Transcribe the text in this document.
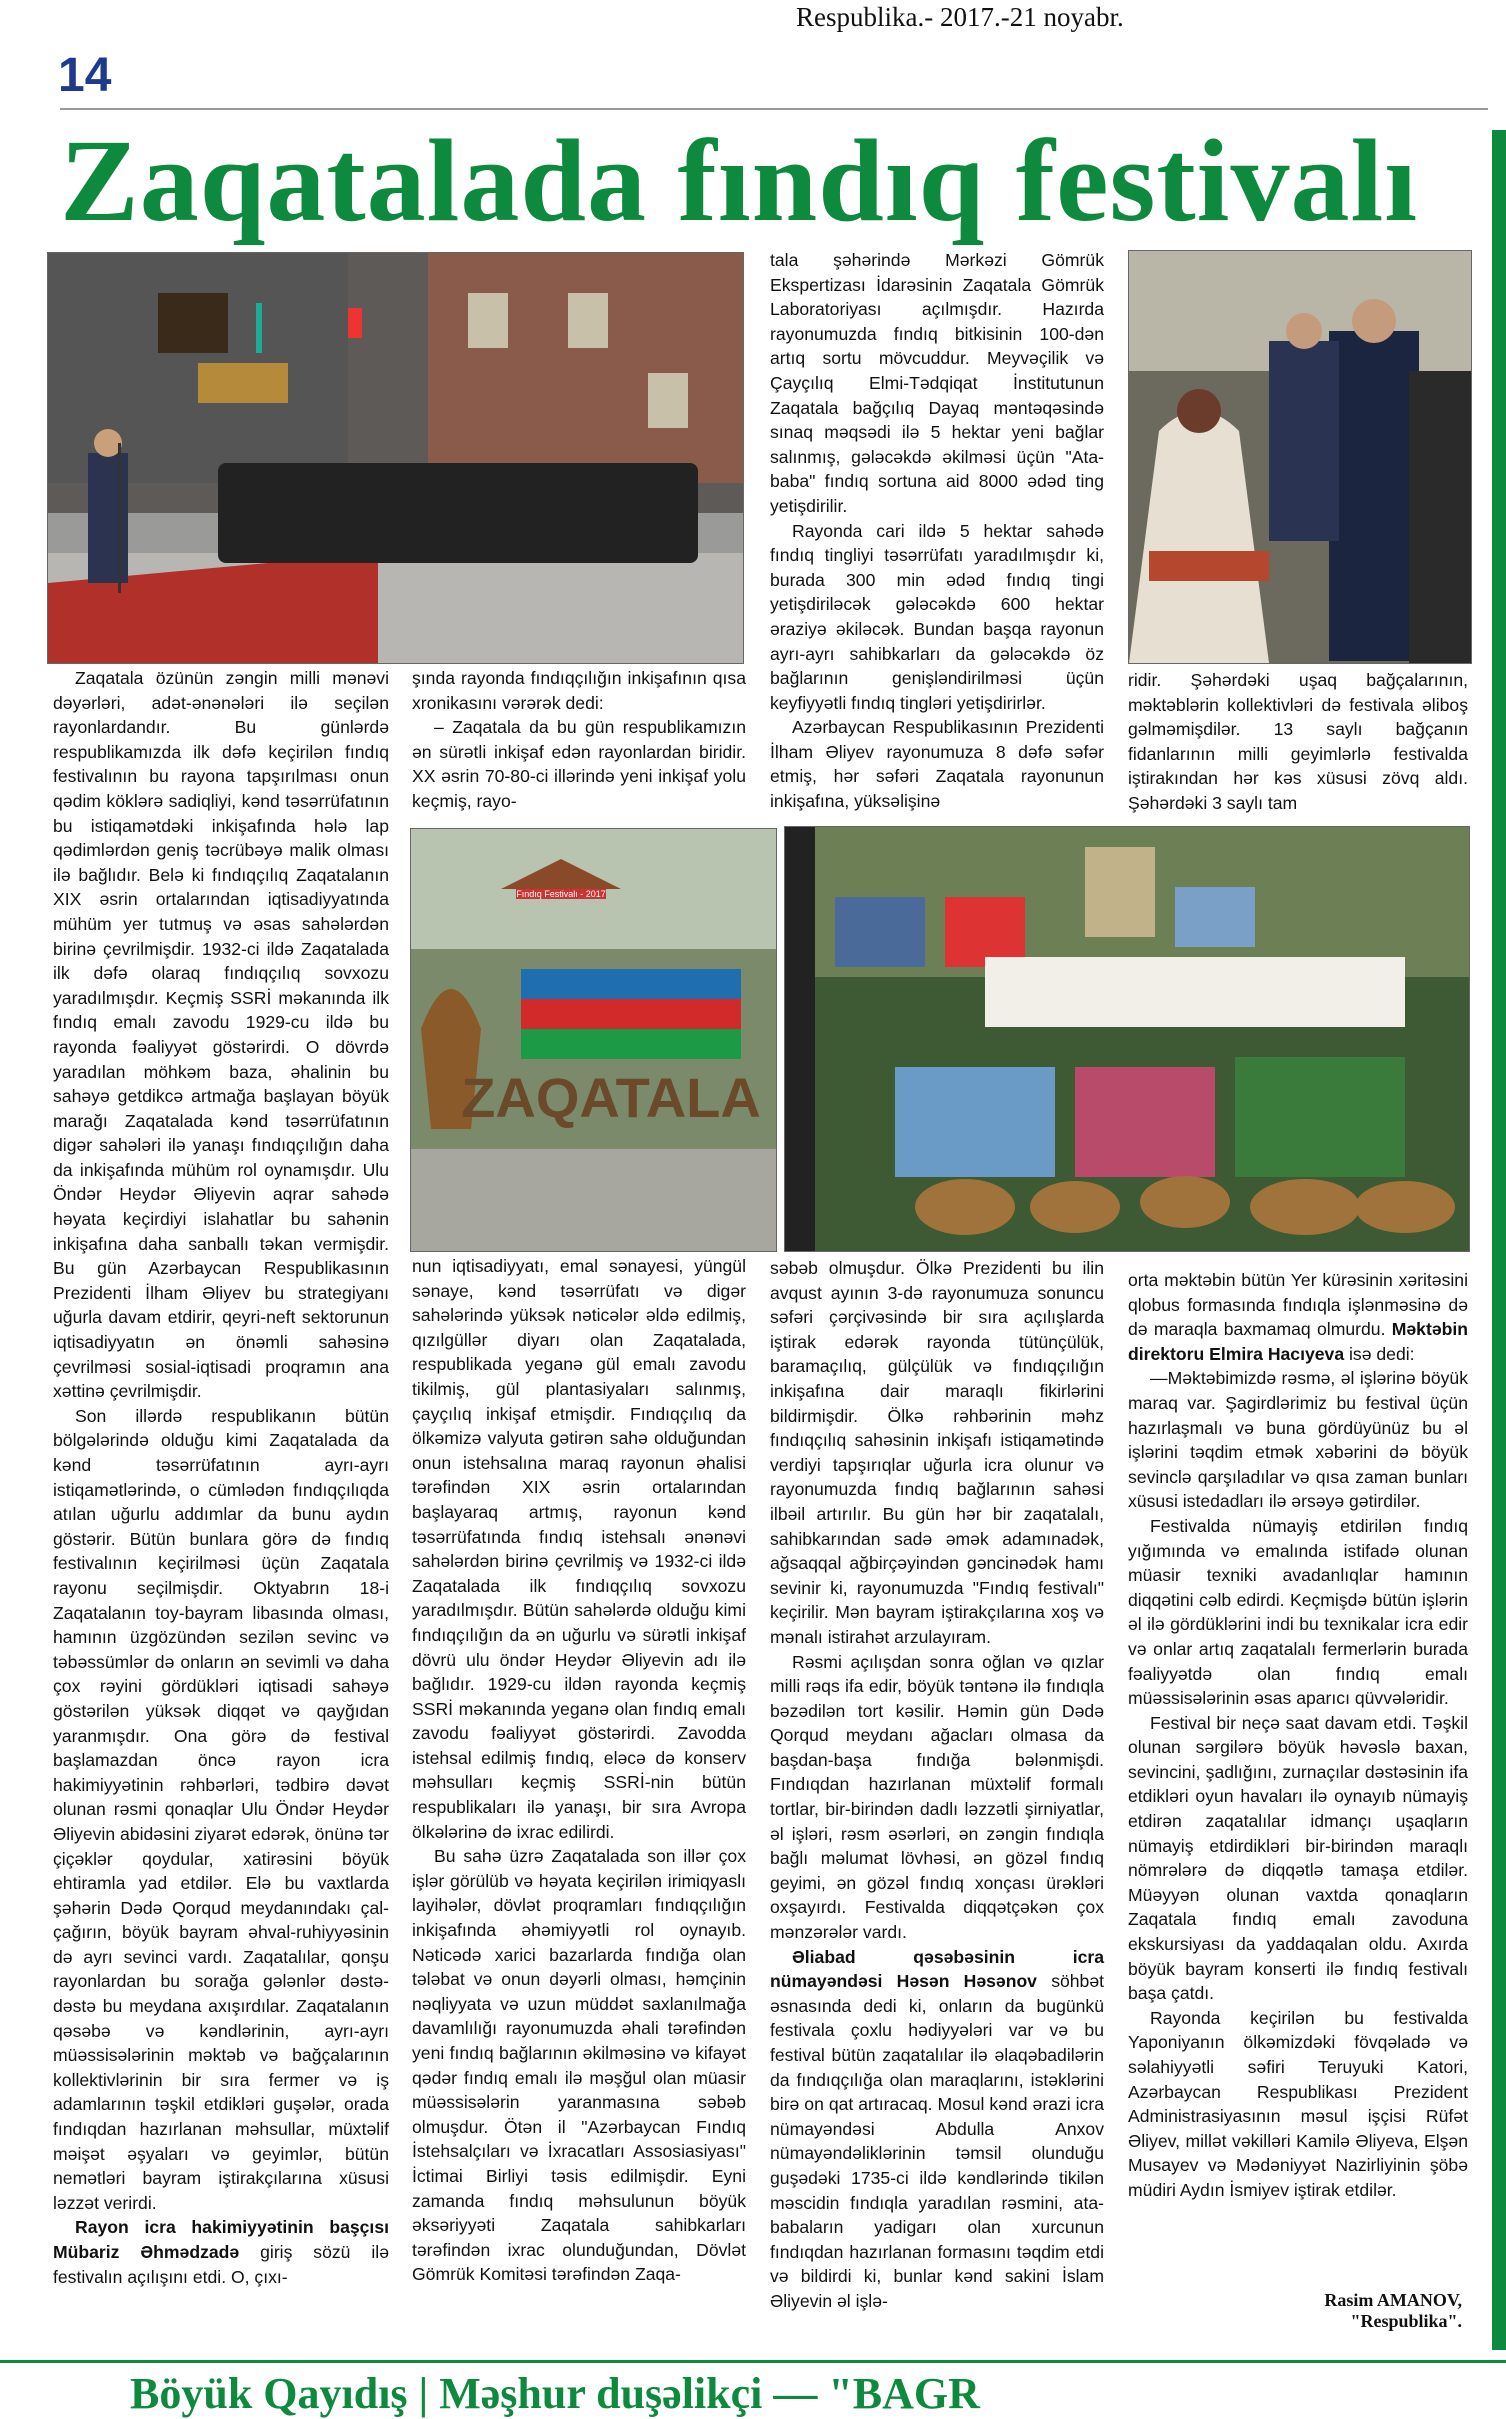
Respublika.- 2017.-21 noyabr.
14
Zaqatalada fındıq festivalı

Zaqatala özünün zəngin milli mənəvi dəyərləri, adət-ənənələri ilə seçilən rayonlardandır. Bu günlərdə respublikamızda ilk dəfə keçirilən fındıq festivalının bu rayona tapşırılması onun qədim köklərə sadiqliyi, kənd təsərrüfatının bu istiqamətdəki inkişafında hələ lap qədimlərdən geniş təcrübəyə malik olması ilə bağlıdır. Belə ki fındıqçılıq Zaqatalanın XIX əsrin ortalarından iqtisadiyyatında mühüm yer tutmuş və əsas sahələrdən birinə çevrilmişdir. 1932-ci ildə Zaqatalada ilk dəfə olaraq fındıqçılıq sovxozu yaradılmışdır. Keçmiş SSRİ məkanında ilk fındıq emalı zavodu 1929-cu ildə bu rayonda fəaliyyət göstərirdi. O dövrdə yaradılan möhkəm baza, əhalinin bu sahəyə getdikcə artmağa başlayan böyük marağı Zaqatalada kənd təsərrüfatının digər sahələri ilə yanaşı fındıqçılığın daha da inkişafında mühüm rol oynamışdır. Ulu Öndər Heydər Əliyevin aqrar sahədə həyata keçirdiyi islahatlar bu sahənin inkişafına daha sanballı təkan vermişdir. Bu gün Azərbaycan Respublikasının Prezidenti İlham Əliyev bu strategiyanı uğurla davam etdirir, qeyri-neft sektorunun iqtisadiyyatın ən önəmli sahəsinə çevrilməsi sosial-iqtisadi proqramın ana xəttinə çevrilmişdir.

Son illərdə respublikanın bütün bölgələrində olduğu kimi Zaqatalada da kənd təsərrüfatının ayrı-ayrı istiqamətlərində, o cümlədən fındıqçılıqda atılan uğurlu addımlar da bunu aydın göstərir. Bütün bunlara görə də fındıq festivalının keçirilməsi üçün Zaqatala rayonu seçilmişdir. Oktyabrın 18-i Zaqatalanın toy-bayram libasında olması, hamının üzgözündən sezilən sevinc və təbəssümlər də onların ən sevimli və daha çox rəyini gördükləri iqtisadi sahəyə göstərilən yüksək diqqət və qayğıdan yaranmışdır. Ona görə də festival başlamazdan öncə rayon icra hakimiyyətinin rəhbərləri, tədbirə dəvət olunan rəsmi qonaqlar Ulu Öndər Heydər Əliyevin abidəsini ziyarət edərək, önünə tər çiçəklər qoydular, xatirəsini böyük ehtiramla yad etdilər. Elə bu vaxtlarda şəhərin Dədə Qorqud meydanındakı çal-çağırın, böyük bayram əhval-ruhiyyəsinin də ayrı sevinci vardı. Zaqatalılar, qonşu rayonlardan bu sorağa gələnlər dəstə-dəstə bu meydana axışırdılar. Zaqatalanın qəsəbə və kəndlərinin, ayrı-ayrı müəssisələrinin məktəb və bağçalarının kollektivlərinin bir sıra fermer və iş adamlarının təşkil etdikləri guşələr, orada fındıqdan hazırlanan məhsullar, müxtəlif məişət əşyaları və geyimlər, bütün nemətləri bayram iştirakçılarına xüsusi ləzzət verirdi.

Rayon icra hakimiyyətinin başçısı Mübariz Əhmədzadə giriş sözü ilə festivalın açılışını etdi. O, çıxı-

şında rayonda fındıqçılığın inkişafının qısa xronikasını vərərək dedi:

– Zaqatala da bu gün respublikamızın ən sürətli inkişaf edən rayonlardan biridir. XX əsrin 70-80-ci illərində yeni inkişaf yolu keçmiş, rayo-

Fındıq Festivalı - 2017
ZAQATALA

nun iqtisadiyyatı, emal sənayesi, yüngül sənaye, kənd təsərrüfatı və digər sahələrində yüksək nəticələr əldə edilmiş, qızılgüllər diyarı olan Zaqatalada, respublikada yeganə gül emalı zavodu tikilmiş, gül plantasiyaları salınmış, çayçılıq inkişaf etmişdir. Fındıqçılıq da ölkəmizə valyuta gətirən sahə olduğundan onun istehsalına maraq rayonun əhalisi tərəfindən XIX əsrin ortalarından başlayaraq artmış, rayonun kənd təsərrüfatında fındıq istehsalı ənənəvi sahələrdən birinə çevrilmiş və 1932-ci ildə Zaqatalada ilk fındıqçılıq sovxozu yaradılmışdır. Bütün sahələrdə olduğu kimi fındıqçılığın da ən uğurlu və sürətli inkişaf dövrü ulu öndər Heydər Əliyevin adı ilə bağlıdır. 1929-cu ildən rayonda keçmiş SSRİ məkanında yeganə olan fındıq emalı zavodu fəaliyyət göstərirdi. Zavodda istehsal edilmiş fındıq, eləcə də konserv məhsulları keçmiş SSRİ-nin bütün respublikaları ilə yanaşı, bir sıra Avropa ölkələrinə də ixrac edilirdi.

Bu sahə üzrə Zaqatalada son illər çox işlər görülüb və həyata keçirilən irimiqyaslı layihələr, dövlət proqramları fındıqçılığın inkişafında əhəmiyyətli rol oynayıb. Nəticədə xarici bazarlarda fındığa olan tələbat və onun dəyərli olması, həmçinin nəqliyyata və uzun müddət saxlanılmağa davamlılığı rayonumuzda əhali tərəfindən yeni fındıq bağlarının əkilməsinə və kifayət qədər fındıq emalı ilə məşğul olan müasir müəssisələrin yaranmasına səbəb olmuşdur. Ötən il "Azərbaycan Fındıq İstehsalçıları və İxracatları Assosiasiyası" İctimai Birliyi təsis edilmişdir. Eyni zamanda fındıq məhsulunun böyük əksəriyyəti Zaqatala sahibkarları tərəfindən ixrac olunduğundan, Dövlət Gömrük Komitəsi tərəfindən Zaqa-

tala şəhərində Mərkəzi Gömrük Ekspertizası İdarəsinin Zaqatala Gömrük Laboratoriyası açılmışdır. Hazırda rayonumuzda fındıq bitkisinin 100-dən artıq sortu mövcuddur. Meyvəçilik və Çayçılıq Elmi-Tədqiqat İnstitutunun Zaqatala bağçılıq Dayaq məntəqəsində sınaq məqsədi ilə 5 hektar yeni bağlar salınmış, gələcəkdə əkilməsi üçün "Ata-baba" fındıq sortuna aid 8000 ədəd ting yetişdirilir.

Rayonda cari ildə 5 hektar sahədə fındıq tingliyi təsərrüfatı yaradılmışdır ki, burada 300 min ədəd fındıq tingi yetişdiriləcək gələcəkdə 600 hektar əraziyə əkiləcək. Bundan başqa rayonun ayrı-ayrı sahibkarları da gələcəkdə öz bağlarının genişləndirilməsi üçün keyfiyyətli fındıq tingləri yetişdirirlər.

Azərbaycan Respublikasının Prezidenti İlham Əliyev rayonumuza 8 dəfə səfər etmiş, hər səfəri Zaqatala rayonunun inkişafına, yüksəlişinə

ridir. Şəhərdəki uşaq bağçalarının, məktəblərin kollektivləri də festivala əliboş gəlməmişdilər. 13 saylı bağçanın fidanlarının milli geyimlərlə festivalda iştirakından hər kəs xüsusi zövq aldı. Şəhərdəki 3 saylı tam

səbəb olmuşdur. Ölkə Prezidenti bu ilin avqust ayının 3-də rayonumuza sonuncu səfəri çərçivəsində bir sıra açılışlarda iştirak edərək rayonda tütünçülük, baramaçılıq, gülçülük və fındıqçılığın inkişafına dair maraqlı fikirlərini bildirmişdir. Ölkə rəhbərinin məhz fındıqçılıq sahəsinin inkişafı istiqamətində verdiyi tapşırıqlar uğurla icra olunur və rayonumuzda fındıq bağlarının sahəsi ilbəil artırılır. Bu gün hər bir zaqatalalı, sahibkarından sadə əmək adamınadək, ağsaqqal ağbirçəyindən gəncinədək hamı sevinir ki, rayonumuzda "Fındıq festivalı" keçirilir. Mən bayram iştirakçılarına xoş və mənalı istirahət arzulayıram.

Rəsmi açılışdan sonra oğlan və qızlar milli rəqs ifa edir, böyük təntənə ilə fındıqla bəzədilən tort kəsilir. Həmin gün Dədə Qorqud meydanı ağacları olmasa da başdan-başa fındığa bələnmişdi. Fındıqdan hazırlanan müxtəlif formalı tortlar, bir-birindən dadlı ləzzətli şirniyatlar, əl işləri, rəsm əsərləri, ən zəngin fındıqla bağlı məlumat lövhəsi, ən gözəl fındıq geyimi, ən gözəl fındıq xonçası ürəkləri oxşayırdı. Festivalda diqqətçəkən çox mənzərələr vardı.

Əliabad qəsəbəsinin icra nümayəndəsi Həsən Həsənov söhbət əsnasında dedi ki, onların da bugünkü festivala çoxlu hədiyyələri var və bu festival bütün zaqatalılar ilə əlaqəbadilərin da fındıqçılığa olan maraqlarını, istəklərini birə on qat artıracaq. Mosul kənd ərazi icra nümayəndəsi Abdulla Anxov nümayəndəliklərinin təmsil olunduğu guşədəki 1735-ci ildə kəndlərində tikilən məscidin fındıqla yaradılan rəsmini, ata-babaların yadigarı olan xurcunun fındıqdan hazırlanan formasını təqdim etdi və bildirdi ki, bunlar kənd sakini İslam Əliyevin əl işlə-

orta məktəbin bütün Yer kürəsinin xəritəsini qlobus formasında fındıqla işlənməsinə də də maraqla baxmamaq olmurdu. Məktəbin direktoru Elmira Hacıyeva isə dedi:

—Məktəbimizdə rəsmə, əl işlərinə böyük maraq var. Şagirdlərimiz bu festival üçün hazırlaşmalı və buna gördüyünüz bu əl işlərini təqdim etmək xəbərini də böyük sevinclə qarşıladılar və qısa zaman bunları xüsusi istedadları ilə ərsəyə gətirdilər.

Festivalda nümayiş etdirilən fındıq yığımında və emalında istifadə olunan müasir texniki avadanlıqlar hamının diqqətini cəlb edirdi. Keçmişdə bütün işlərin əl ilə gördüklərini indi bu texnikalar icra edir və onlar artıq zaqatalalı fermerlərin burada fəaliyyətdə olan fındıq emalı müəssisələrinin əsas aparıcı qüvvələridir.

Festival bir neçə saat davam etdi. Təşkil olunan sərgilərə böyük həvəslə baxan, sevincini, şadlığını, zurnaçılar dəstəsinin ifa etdikləri oyun havaları ilə oynayıb nümayiş etdirən zaqatalılar idmançı uşaqların nümayiş etdirdikləri bir-birindən maraqlı nömrələrə də diqqətlə tamaşa etdilər. Müəyyən olunan vaxtda qonaqların Zaqatala fındıq emalı zavoduna ekskursiyası da yaddaqalan oldu. Axırda böyük bayram konserti ilə fındıq festivalı başa çatdı.

Rayonda keçirilən bu festivalda Yaponiyanın ölkəmizdəki fövqəladə və səlahiyyətli səfiri Teruyuki Katori, Azərbaycan Respublikası Prezident Administrasiyasının məsul işçisi Rüfət Əliyev, millət vəkilləri Kamilə Əliyeva, Elşən Musayev və Mədəniyyət Nazirliyinin şöbə müdiri Aydın İsmiyev iştirak etdilər.

Rasim AMANOV,
"Respublika".
Böyük Qayıdış | Məşhur duşəlikçi — "BAGR
